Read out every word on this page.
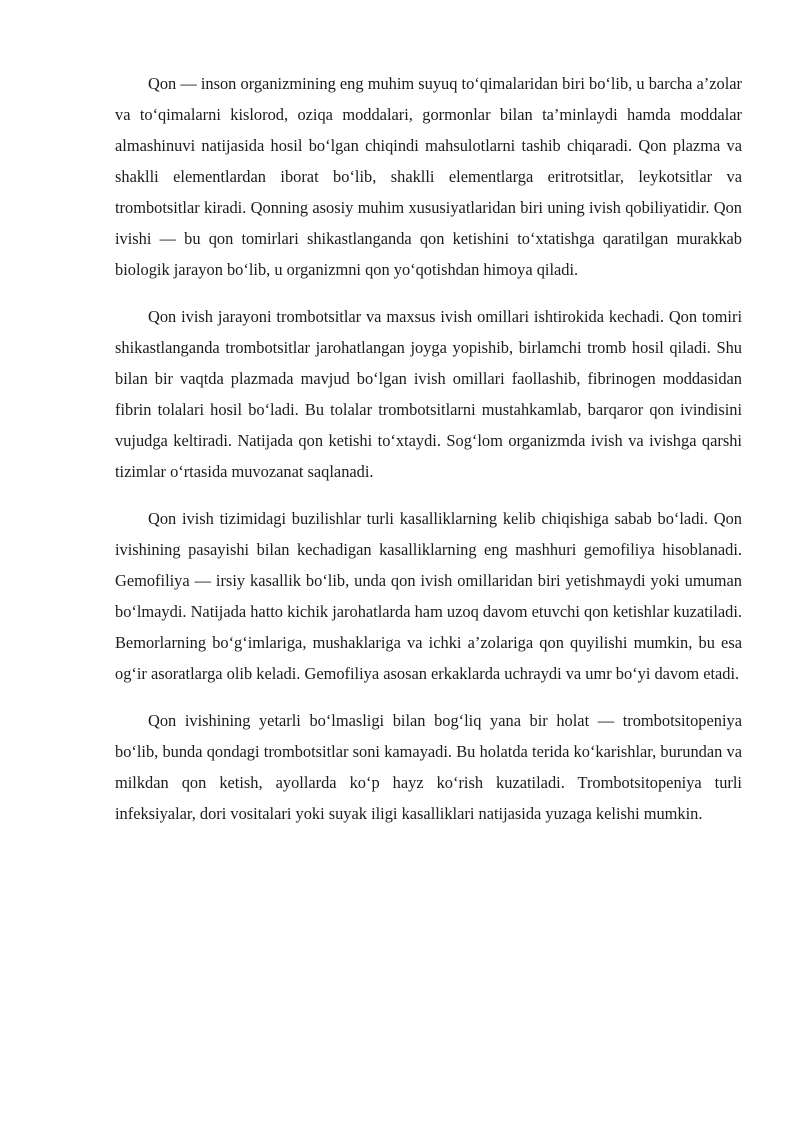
Qon — inson organizmining eng muhim suyuq to‘qimalaridan biri bo‘lib, u barcha a’zolar va to‘qimalarni kislorod, oziqa moddalari, gormonlar bilan ta’minlaydi hamda moddalar almashinuvi natijasida hosil bo‘lgan chiqindi mahsulotlarni tashib chiqaradi. Qon plazma va shaklli elementlardan iborat bo‘lib, shaklli elementlarga eritrotsitlar, leykotsitlar va trombotsitlar kiradi. Qonning asosiy muhim xususiyatlaridan biri uning ivish qobiliyatidir. Qon ivishi — bu qon tomirlari shikastlanganda qon ketishini to‘xtatishga qaratilgan murakkab biologik jarayon bo‘lib, u organizmni qon yo‘qotishdan himoya qiladi.

Qon ivish jarayoni trombotsitlar va maxsus ivish omillari ishtirokida kechadi. Qon tomiri shikastlanganda trombotsitlar jarohatlangan joyga yopishib, birlamchi tromb hosil qiladi. Shu bilan bir vaqtda plazmada mavjud bo‘lgan ivish omillari faollashib, fibrinogen moddasidan fibrin tolalari hosil bo‘ladi. Bu tolalar trombotsitlarni mustahkamlab, barqaror qon ivindisini vujudga keltiradi. Natijada qon ketishi to‘xtaydi. Sog‘lom organizmda ivish va ivishga qarshi tizimlar o‘rtasida muvozanat saqlanadi.

Qon ivish tizimidagi buzilishlar turli kasalliklarning kelib chiqishiga sabab bo‘ladi. Qon ivishining pasayishi bilan kechadigan kasalliklarning eng mashhuri gemofiliya hisoblanadi. Gemofiliya — irsiy kasallik bo‘lib, unda qon ivish omillaridan biri yetishmaydi yoki umuman bo‘lmaydi. Natijada hatto kichik jarohatlarda ham uzoq davom etuvchi qon ketishlar kuzatiladi. Bemorlarning bo‘g‘imlariga, mushaklariga va ichki a’zolariga qon quyilishi mumkin, bu esa og‘ir asoratlarga olib keladi. Gemofiliya asosan erkaklarda uchraydi va umr bo‘yi davom etadi.

Qon ivishining yetarli bo‘lmasligi bilan bog‘liq yana bir holat — trombotsitopeniya bo‘lib, bunda qondagi trombotsitlar soni kamayadi. Bu holatda terida ko‘karishlar, burundan va milkdan qon ketish, ayollarda ko‘p hayz ko‘rish kuzatiladi. Trombotsitopeniya turli infeksiyalar, dori vositalari yoki suyak iligi kasalliklari natijasida yuzaga kelishi mumkin.
